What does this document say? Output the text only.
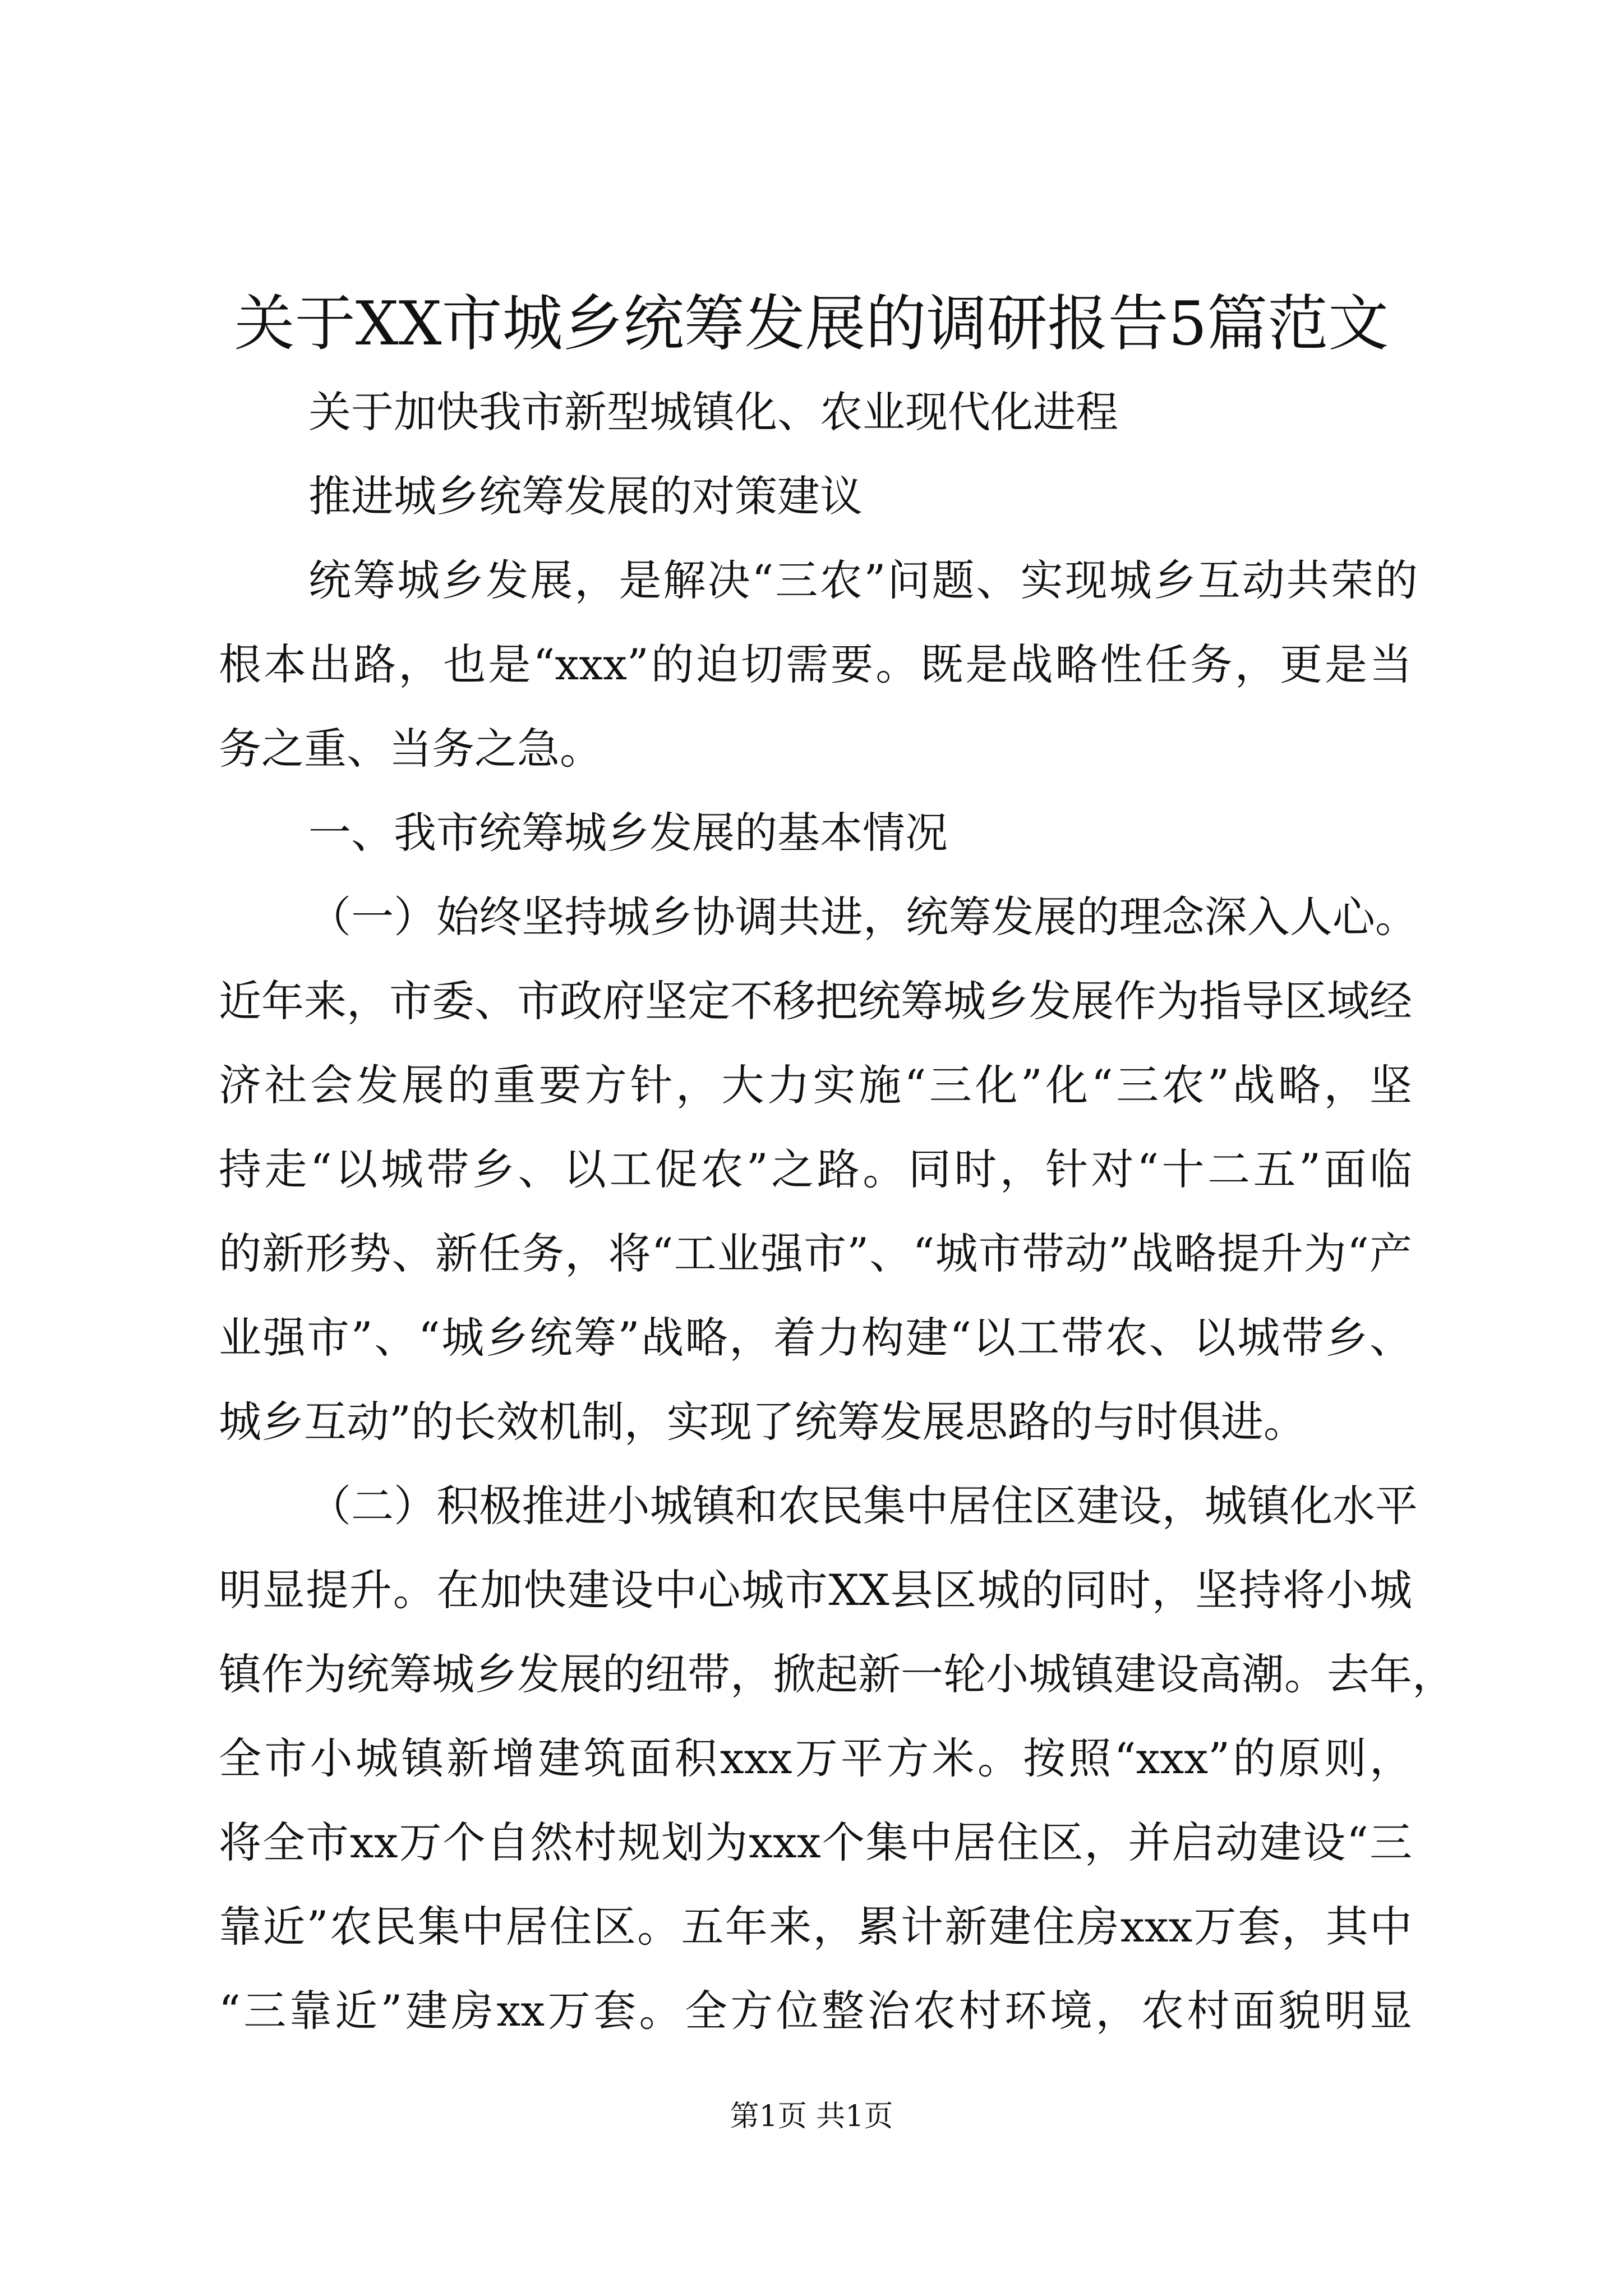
关于XX市城乡统筹发展的调研报告5篇范文
关于加快我市新型城镇化、农业现代化进程
推进城乡统筹发展的对策建议
统筹城乡发展，是解决“三农”问题、实现城乡互动共荣的
根本出路，也是“xxx”的迫切需要。既是战略性任务，更是当
务之重、当务之急。
一、我市统筹城乡发展的基本情况
（一）始终坚持城乡协调共进，统筹发展的理念深入人心。
近年来，市委、市政府坚定不移把统筹城乡发展作为指导区域经
济社会发展的重要方针，大力实施“三化”化“三农”战略，坚
持走“以城带乡、以工促农”之路。同时，针对“十二五”面临
的新形势、新任务，将“工业强市”、“城市带动”战略提升为“产
业强市”、“城乡统筹”战略，着力构建“以工带农、以城带乡、
城乡互动”的长效机制，实现了统筹发展思路的与时俱进。
（二）积极推进小城镇和农民集中居住区建设，城镇化水平
明显提升。在加快建设中心城市XX县区城的同时，坚持将小城
镇作为统筹城乡发展的纽带，掀起新一轮小城镇建设高潮。去年，
全市小城镇新增建筑面积xxx万平方米。按照“xxx”的原则，
将全市xx万个自然村规划为xxx个集中居住区，并启动建设“三
靠近”农民集中居住区。五年来，累计新建住房xxx万套，其中
“三靠近”建房xx万套。全方位整治农村环境，农村面貌明显
第1页 共1页
